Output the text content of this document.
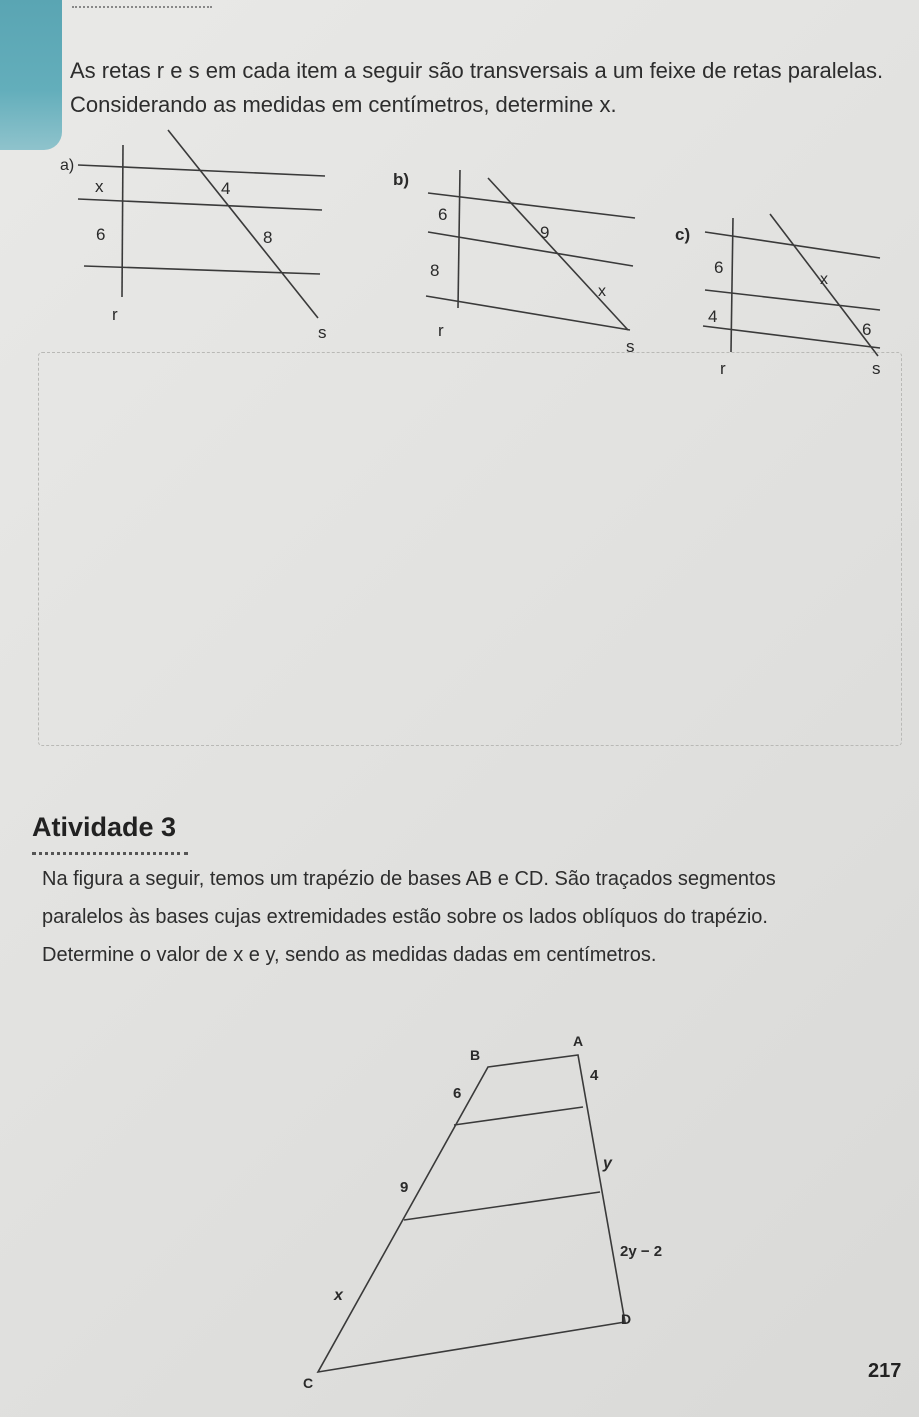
As retas r e s em cada item a seguir são transversais a um feixe de retas paralelas.
Considerando as medidas em centímetros, determine x.
a)
x	4
6	8
r
s
b)
6
9
8
x
r
s
c)
6
x
4
6
r	s
B
A
6
4
9
y
2y − 2
x
D
C
Atividade 3
Na figura a seguir, temos um trapézio de bases AB e CD. São traçados segmentos
paralelos às bases cujas extremidades estão sobre os lados oblíquos do trapézio.
Determine o valor de x e y, sendo as medidas dadas em centímetros.
217
